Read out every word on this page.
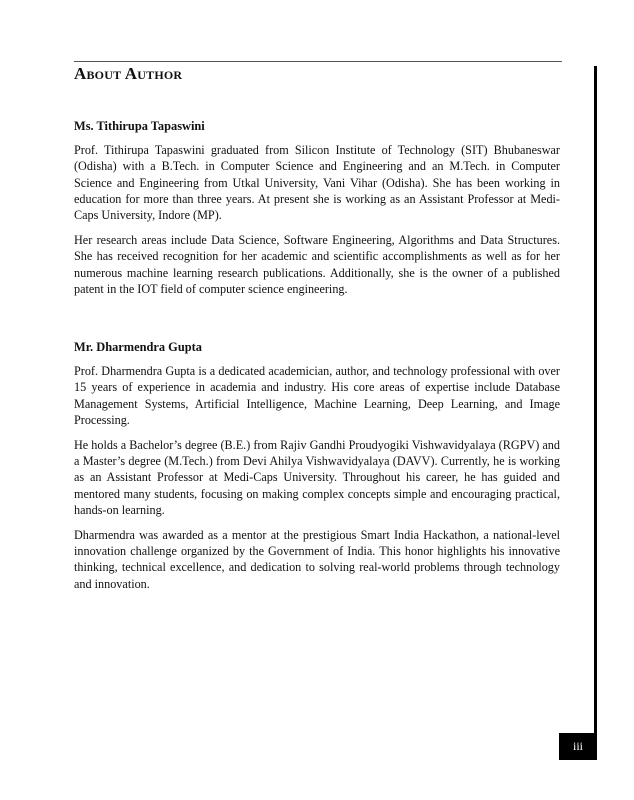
About Author

Ms. Tithirupa Tapaswini

Prof. Tithirupa Tapaswini graduated from Silicon Institute of Technology (SIT) Bhubaneswar (Odisha) with a B.Tech. in Computer Science and Engineering and an M.Tech. in Computer Science and Engineering from Utkal University, Vani Vihar (Odisha). She has been working in education for more than three years. At present she is working as an Assistant Professor at Medi-Caps University, Indore (MP).

Her research areas include Data Science, Software Engineering, Algorithms and Data Structures. She has received recognition for her academic and scientific accomplishments as well as for her numerous machine learning research publications. Additionally, she is the owner of a published patent in the IOT field of computer science engineering.

Mr. Dharmendra Gupta

Prof. Dharmendra Gupta is a dedicated academician, author, and technology professional with over 15 years of experience in academia and industry. His core areas of expertise include Database Management Systems, Artificial Intelligence, Machine Learning, Deep Learning, and Image Processing.

He holds a Bachelor’s degree (B.E.) from Rajiv Gandhi Proudyogiki Vishwavidyalaya (RGPV) and a Master’s degree (M.Tech.) from Devi Ahilya Vishwavidyalaya (DAVV). Currently, he is working as an Assistant Professor at Medi-Caps University. Throughout his career, he has guided and mentored many students, focusing on making complex concepts simple and encouraging practical, hands-on learning.

Dharmendra was awarded as a mentor at the prestigious Smart India Hackathon, a national-level innovation challenge organized by the Government of India. This honor highlights his innovative thinking, technical excellence, and dedication to solving real-world problems through technology and innovation.

iii
